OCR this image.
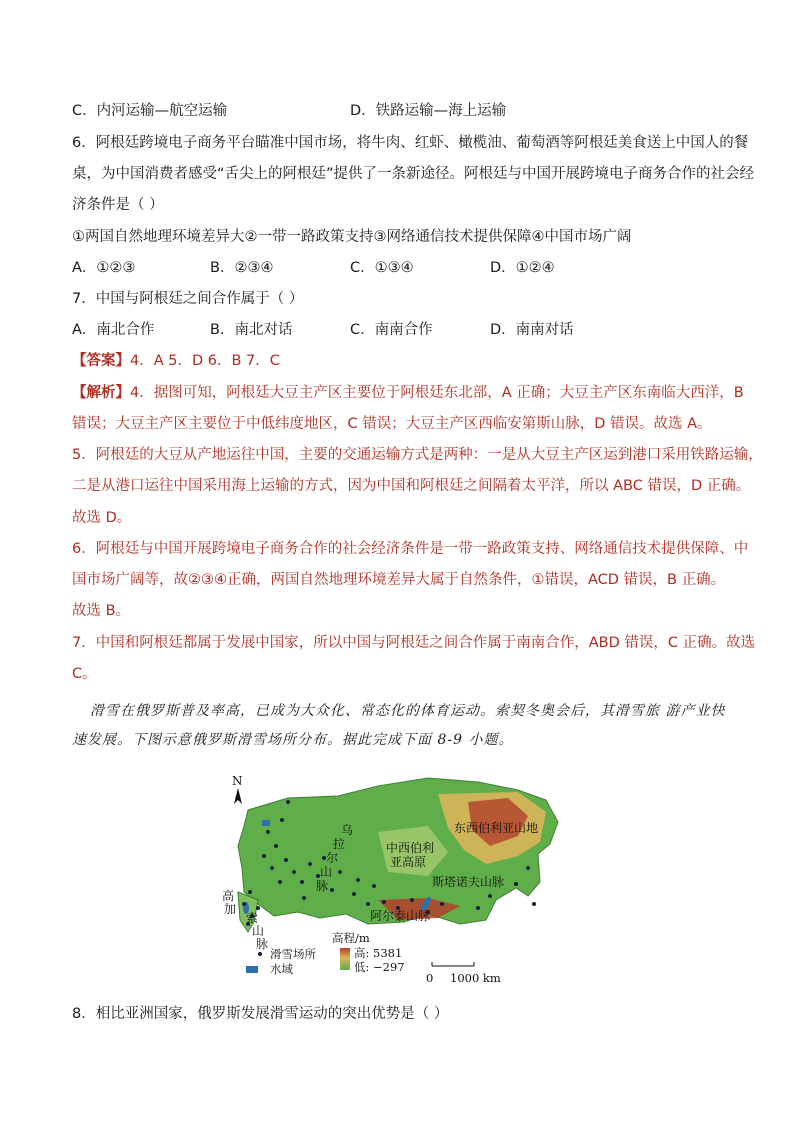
C．内河运输—航空运输	D．铁路运输—海上运输
6．阿根廷跨境电子商务平台瞄准中国市场，将牛肉、红虾、橄榄油、葡萄酒等阿根廷美食送上中国人的餐
桌，为中国消费者感受“舌尖上的阿根廷”提供了一条新途径。阿根廷与中国开展跨境电子商务合作的社会经
济条件是（ ）
①两国自然地理环境差异大②一带一路政策支持③网络通信技术提供保障④中国市场广阔
A．①②③	B．②③④	C．①③④	D．①②④
7．中国与阿根廷之间合作属于（ ）
A．南北合作	B．南北对话	C．南南合作	D．南南对话
【答案】4．A 5．D 6．B 7．C
【解析】4．据图可知，阿根廷大豆主产区主要位于阿根廷东北部，A 正确；大豆主产区东南临大西洋，B
错误；大豆主产区主要位于中低纬度地区，C 错误；大豆主产区西临安第斯山脉，D 错误。故选 A。
5．阿根廷的大豆从产地运往中国，主要的交通运输方式是两种：一是从大豆主产区运到港口采用铁路运输，
二是从港口运往中国采用海上运输的方式，因为中国和阿根廷之间隔着太平洋，所以 ABC 错误，D 正确。
故选 D。
6．阿根廷与中国开展跨境电子商务合作的社会经济条件是一带一路政策支持、网络通信技术提供保障、中
国市场广阔等，故②③④正确，两国自然地理环境差异大属于自然条件，①错误，ACD 错误，B 正确。
故选 B。
7．中国和阿根廷都属于发展中国家，所以中国与阿根廷之间合作属于南南合作，ABD 错误，C 正确。故选
C。
滑雪在俄罗斯普及率高，已成为大众化、常态化的体育运动。索契冬奥会后，其滑雪旅 游产业快
速发展。下图示意俄罗斯滑雪场所分布。据此完成下面 8-9 小题。
N
乌
拉
尔
山
脉
中西伯利
亚高原
东西伯利亚山地
斯塔诺夫山脉
阿尔泰山脉
高
加
索
山
脉	高程/m
滑雪场所
水域
高: 5381
低: −297
0 1000 km
8．相比亚洲国家，俄罗斯发展滑雪运动的突出优势是（ ）
